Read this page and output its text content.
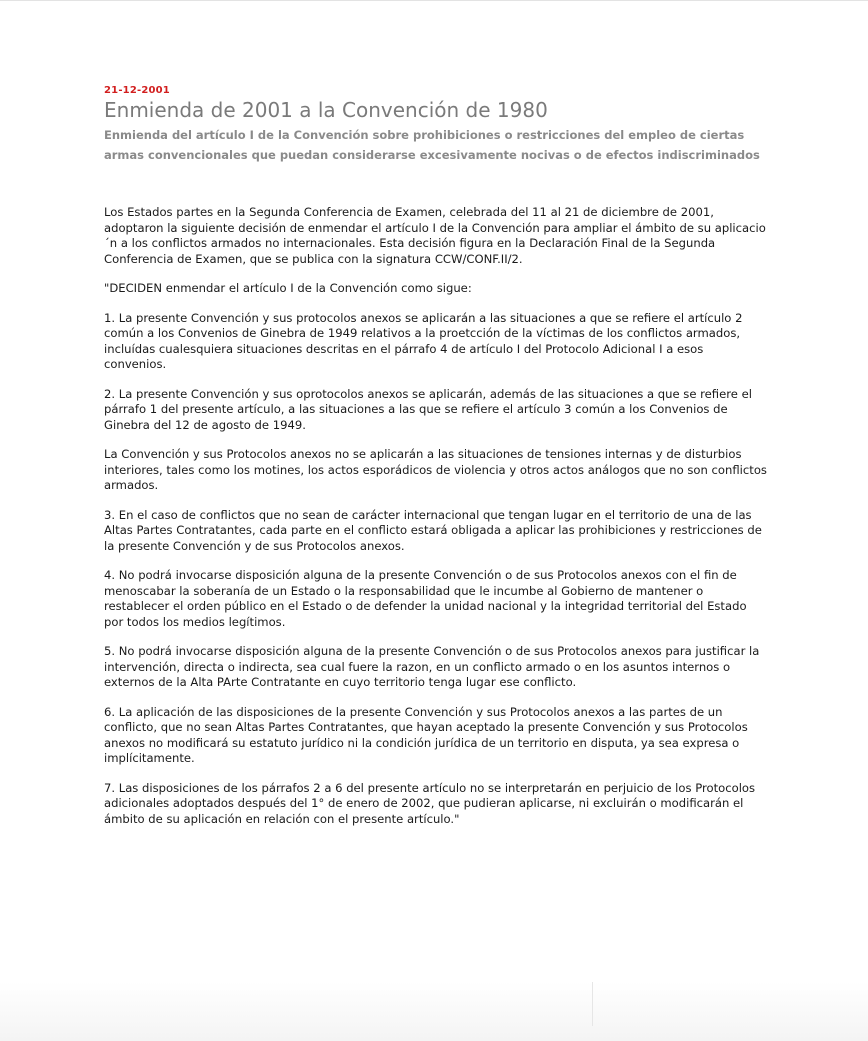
21-12-2001
Enmienda de 2001 a la Convención de 1980
Enmienda del artículo I de la Convención sobre prohibiciones o restricciones del empleo de ciertas armas convencionales que puedan considerarse excesivamente nocivas o de efectos indiscriminados

Los Estados partes en la Segunda Conferencia de Examen, celebrada del 11 al 21 de diciembre de 2001, adoptaron la siguiente decisión de enmendar el artículo I de la Convención para ampliar el ámbito de su aplicacio´n a los conflictos armados no internacionales. Esta decisión figura en la Declaración Final de la Segunda Conferencia de Examen, que se publica con la signatura CCW/CONF.II/2.

"DECIDEN enmendar el artículo I de la Convención como sigue:

1. La presente Convención y sus protocolos anexos se aplicarán a las situaciones a que se refiere el artículo 2 común a los Convenios de Ginebra de 1949 relativos a la proetcción de la víctimas de los conflictos armados, incluídas cualesquiera situaciones descritas en el párrafo 4 de artículo I del Protocolo Adicional I a esos convenios.

2. La presente Convención y sus oprotocolos anexos se aplicarán, además de las situaciones a que se refiere el párrafo 1 del presente artículo, a las situaciones a las que se refiere el artículo 3 común a los Convenios de Ginebra del 12 de agosto de 1949.

La Convención y sus Protocolos anexos no se aplicarán a las situaciones de tensiones internas y de disturbios interiores, tales como los motines, los actos esporádicos de violencia y otros actos análogos que no son conflictos armados.

3. En el caso de conflictos que no sean de carácter internacional que tengan lugar en el territorio de una de las Altas Partes Contratantes, cada parte en el conflicto estará obligada a aplicar las prohibiciones y restricciones de la presente Convención y de sus Protocolos anexos.

4. No podrá invocarse disposición alguna de la presente Convención o de sus Protocolos anexos con el fin de menoscabar la soberanía de un Estado o la responsabilidad que le incumbe al Gobierno de mantener o restablecer el orden público en el Estado o de defender la unidad nacional y la integridad territorial del Estado por todos los medios legítimos.

5. No podrá invocarse disposición alguna de la presente Convención o de sus Protocolos anexos para justificar la intervención, directa o indirecta, sea cual fuere la razon, en un conflicto armado o en los asuntos internos o externos de la Alta PArte Contratante en cuyo territorio tenga lugar ese conflicto.

6. La aplicación de las disposiciones de la presente Convención y sus Protocolos anexos a las partes de un conflicto, que no sean Altas Partes Contratantes, que hayan aceptado la presente Convención y sus Protocolos anexos no modificará su estatuto jurídico ni la condición jurídica de un territorio en disputa, ya sea expresa o implícitamente.

7. Las disposiciones de los párrafos 2 a 6 del presente artículo no se interpretarán en perjuicio de los Protocolos adicionales adoptados después del 1° de enero de 2002, que pudieran aplicarse, ni excluirán o modificarán el ámbito de su aplicación en relación con el presente artículo."
